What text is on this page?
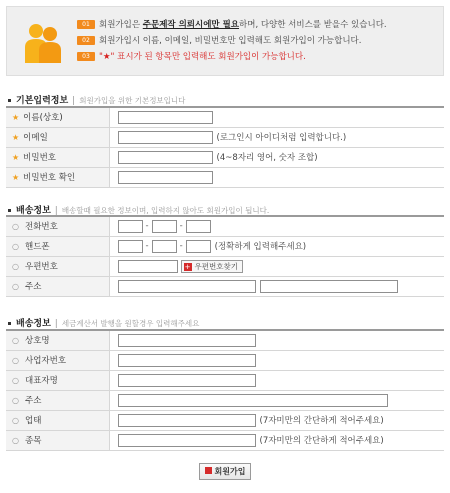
01 회원가입은 주문제작 의뢰시에만 필요하며, 다양한 서비스를 받을수 있습니다.
02 회원가입시 이름, 이메일, 비밀번호만 입력해도 회원가입이 가능합니다.
03 "★" 표시가 된 항목만 입력해도 회원가입이 가능합니다.
기본입력정보 | 회원가입을 위한 기본정보입니다
★ 이름(상호)	
★ 이메일	(로그인시 아이디처럼 입력합니다.)
★ 비밀번호	(4~8자리 영어, 숫자 조합)
★ 비밀번호 확인	
배송정보 | 배송할때 필요한 정보이며, 입력하지 않아도 회원가입이 됩니다.
○ 전화번호	- -
○ 핸드폰	- - (정확하게 입력해주세요)
○ 우편번호	+ 우편번호찾기
○ 주소	
배송정보 | 세금계산서 발행을 원할경우 입력해주세요
○ 상호명	
○ 사업자번호	
○ 대표자명	
○ 주소	
○ 업태	(7자미만의 간단하게 적어주세요)
○ 종목	(7자미만의 간단하게 적어주세요)
회원가입
